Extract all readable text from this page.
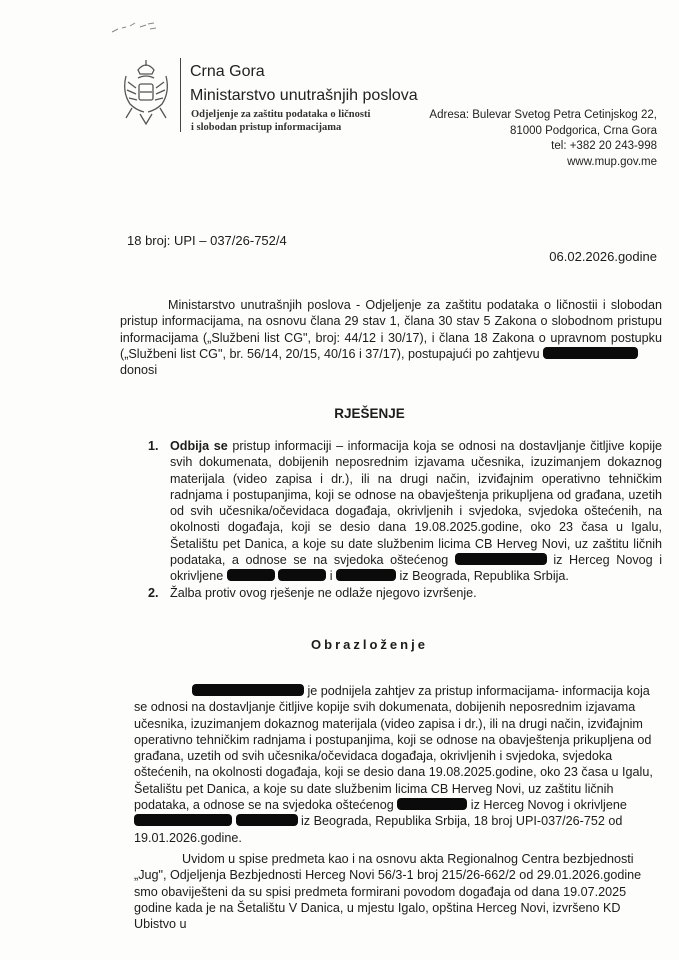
Crna Gora
Ministarstvo unutrašnjih poslova
Odjeljenje za zaštitu podataka o ličnosti
i slobodan pristup informacijama
Adresa: Bulevar Svetog Petra Cetinjskog 22,
81000 Podgorica, Crna Gora
tel: +382 20 243-998
www.mup.gov.me
18 broj: UPI – 037/26-752/4
06.02.2026.godine
Ministarstvo unutrašnjih poslova - Odjeljenje za zaštitu podataka o ličnostii i slobodan pristup informacijama, na osnovu člana 29 stav 1, člana 30 stav 5 Zakona o slobodnom pristupu informacijama („Službeni list CG", broj: 44/12 i 30/17), i člana 18 Zakona o upravnom postupku („Službeni list CG", br. 56/14, 20/15, 40/16 i 37/17), postupajući po zahtjevu
donosi
RJEŠENJE
1. Odbija se pristup informaciji – informacija koja se odnosi na dostavljanje čitljive kopije svih dokumenata, dobijenih neposrednim izjavama učesnika, izuzimanjem dokaznog materijala (video zapisa i dr.), ili na drugi način, izviđajnim operativno tehničkim radnjama i postupanjima, koji se odnose na obavještenja prikupljena od građana, uzetih od svih učesnika/očevidaca događaja, okrivljenih i svjedoka, svjedoka oštećenih, na okolnosti događaja, koji se desio dana 19.08.2025.godine, oko 23 časa u Igalu, Šetalištu pet Danica, a koje su date službenim licima CB Herveg Novi, uz zaštitu ličnih podataka, a odnose se na svjedoka oštećenog	iz Herceg Novog i okrivljene	i	iz Beograda, Republika Srbija.
2. Žalba protiv ovog rješenje ne odlaže njegovo izvršenje.
Obrazloženje
je podnijela zahtjev za pristup informacijama- informacija koja se odnosi na dostavljanje čitljive kopije svih dokumenata, dobijenih neposrednim izjavama učesnika, izuzimanjem dokaznog materijala (video zapisa i dr.), ili na drugi način, izviđajnim operativno tehničkim radnjama i postupanjima, koji se odnose na obavještenja prikupljena od građana, uzetih od svih učesnika/očevidaca događaja, okrivljenih i svjedoka, svjedoka oštećenih, na okolnosti događaja, koji se desio dana 19.08.2025.godine, oko 23 časa u Igalu, Šetalištu pet Danica, a koje su date službenim licima CB Herveg Novi, uz zaštitu ličnih podataka, a odnose se na svjedoka oštećenog	iz Herceg Novog i okrivljene   iz Beograda, Republika Srbija, 18 broj UPI-037/26-752 od 19.01.2026.godine.
Uvidom u spise predmeta kao i na osnovu akta Regionalnog Centra bezbjednosti „Jug", Odjeljenja Bezbjednosti Herceg Novi 56/3-1 broj 215/26-662/2 od 29.01.2026.godine smo obaviješteni da su spisi predmeta formirani povodom događaja od dana 19.07.2025 godine kada je na Šetalištu V Danica, u mjestu Igalo, opština Herceg Novi, izvršeno KD Ubistvo u
